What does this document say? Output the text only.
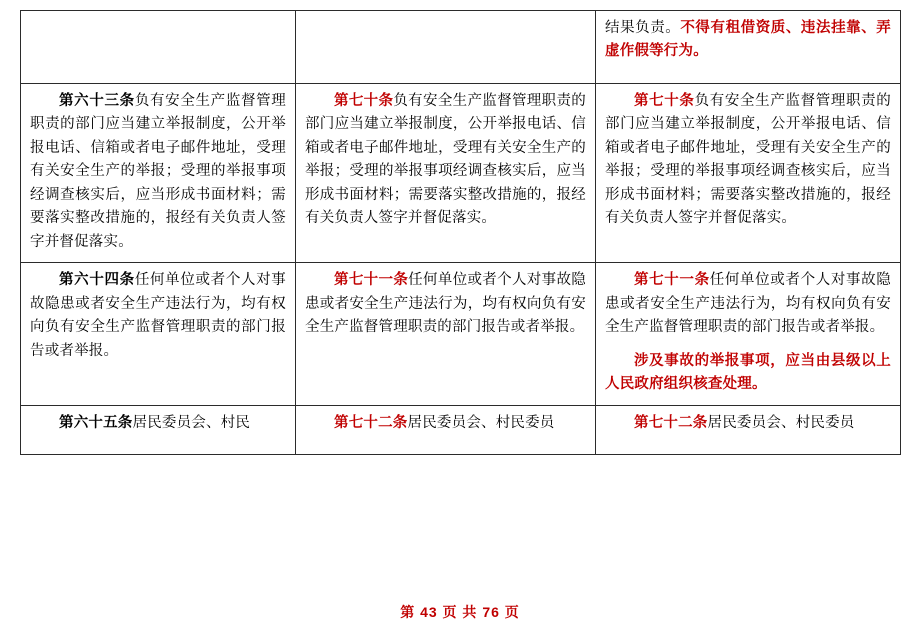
		结果负责。不得有租借资质、违法挂靠、弄虚作假等行为。

第六十三条负有安全生产监督管理职责的部门应当建立举报制度，公开举报电话、信箱或者电子邮件地址，受理有关安全生产的举报；受理的举报事项经调查核实后，应当形成书面材料；需要落实整改措施的，报经有关负责人签字并督促落实。	第七十条负有安全生产监督管理职责的部门应当建立举报制度，公开举报电话、信箱或者电子邮件地址，受理有关安全生产的举报；受理的举报事项经调查核实后，应当形成书面材料；需要落实整改措施的，报经有关负责人签字并督促落实。	第七十条负有安全生产监督管理职责的部门应当建立举报制度，公开举报电话、信箱或者电子邮件地址，受理有关安全生产的举报；受理的举报事项经调查核实后，应当形成书面材料；需要落实整改措施的，报经有关负责人签字并督促落实。

第六十四条任何单位或者个人对事故隐患或者安全生产违法行为，均有权向负有安全生产监督管理职责的部门报告或者举报。	第七十一条任何单位或者个人对事故隐患或者安全生产违法行为，均有权向负有安全生产监督管理职责的部门报告或者举报。	第七十一条任何单位或者个人对事故隐患或者安全生产违法行为，均有权向负有安全生产监督管理职责的部门报告或者举报。

涉及事故的举报事项，应当由县级以上人民政府组织核查处理。

第六十五条居民委员会、村民	第七十二条居民委员会、村民委员	第七十二条居民委员会、村民委员

第 43 页 共 76 页
